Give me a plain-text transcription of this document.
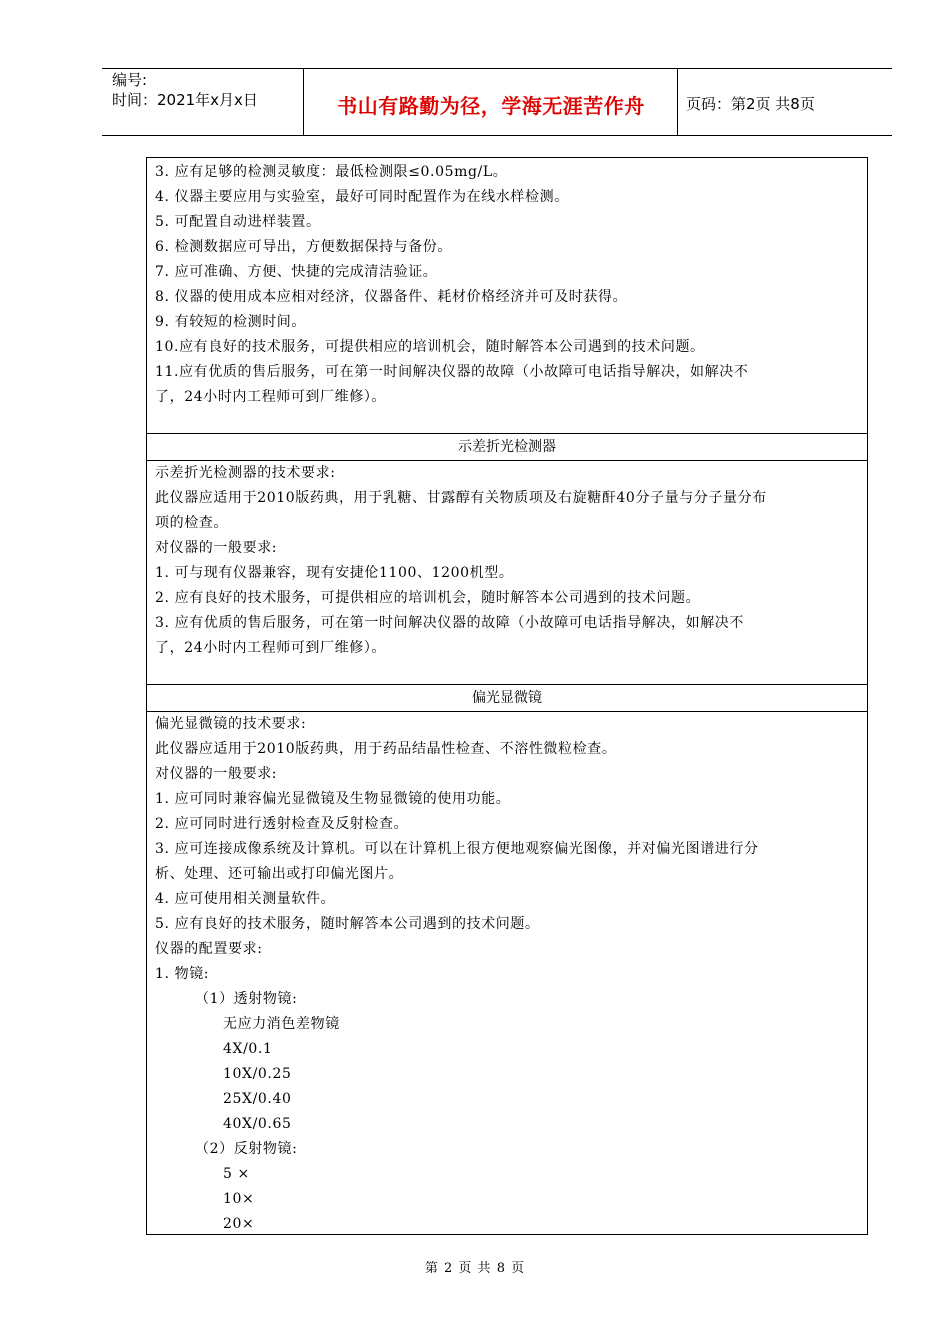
编号:
时间：2021年x月x日	书山有路勤为径，学海无涯苦作舟	页码：第2页 共8页
3. 应有足够的检测灵敏度：最低检测限≤0.05mg/L。
4. 仪器主要应用与实验室，最好可同时配置作为在线水样检测。
5. 可配置自动进样装置。
6. 检测数据应可导出，方便数据保持与备份。
7. 应可准确、方便、快捷的完成清洁验证。
8. 仪器的使用成本应相对经济，仪器备件、耗材价格经济并可及时获得。
9. 有较短的检测时间。
10.应有良好的技术服务，可提供相应的培训机会，随时解答本公司遇到的技术问题。
11.应有优质的售后服务，可在第一时间解决仪器的故障（小故障可电话指导解决，如解决不
了，24小时内工程师可到厂维修）。
示差折光检测器
示差折光检测器的技术要求:
此仪器应适用于2010版药典，用于乳糖、甘露醇有关物质项及右旋糖酐40分子量与分子量分布
项的检查。
对仪器的一般要求:
1. 可与现有仪器兼容，现有安捷伦1100、1200机型。
2. 应有良好的技术服务，可提供相应的培训机会，随时解答本公司遇到的技术问题。
3. 应有优质的售后服务，可在第一时间解决仪器的故障（小故障可电话指导解决，如解决不
了，24小时内工程师可到厂维修）。
偏光显微镜
偏光显微镜的技术要求:
此仪器应适用于2010版药典，用于药品结晶性检查、不溶性微粒检查。
对仪器的一般要求:
1. 应可同时兼容偏光显微镜及生物显微镜的使用功能。
2. 应可同时进行透射检查及反射检查。
3. 应可连接成像系统及计算机。可以在计算机上很方便地观察偏光图像，并对偏光图谱进行分
析、处理、还可输出或打印偏光图片。
4. 应可使用相关测量软件。
5. 应有良好的技术服务，随时解答本公司遇到的技术问题。
仪器的配置要求:
1. 物镜:
（1）透射物镜:
无应力消色差物镜
4X/0.1
10X/0.25
25X/0.40
40X/0.65
（2）反射物镜:
5 ×
10×
20×
第 2 页 共 8 页
